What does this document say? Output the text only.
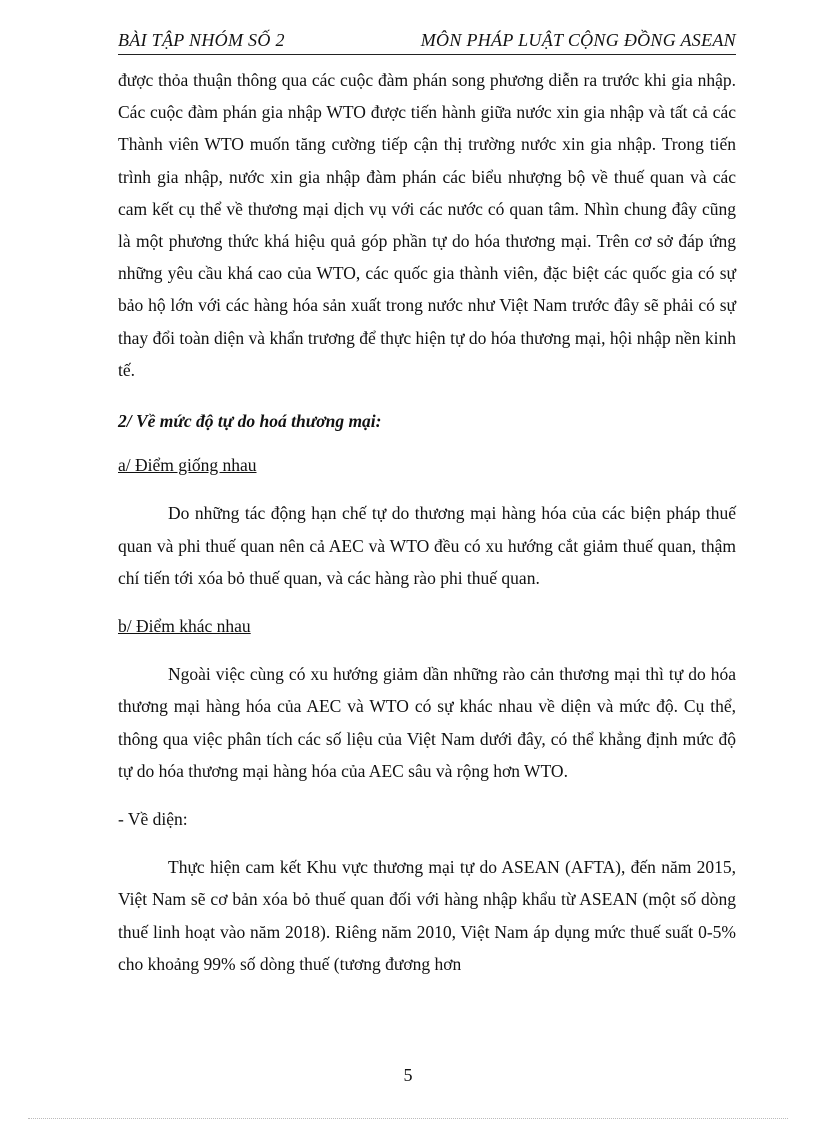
BÀI TẬP NHÓM SỐ 2	MÔN PHÁP LUẬT CỘNG ĐỒNG ASEAN

được thỏa thuận thông qua các cuộc đàm phán song phương diễn ra trước khi gia nhập. Các cuộc đàm phán gia nhập WTO được tiến hành giữa nước xin gia nhập và tất cả các Thành viên WTO muốn tăng cường tiếp cận thị trường nước xin gia nhập. Trong tiến trình gia nhập, nước xin gia nhập đàm phán các biểu nhượng bộ về thuế quan và các cam kết cụ thể về thương mại dịch vụ với các nước có quan tâm. Nhìn chung đây cũng là một phương thức khá hiệu quả góp phần tự do hóa thương mại. Trên cơ sở đáp ứng những yêu cầu khá cao của WTO, các quốc gia thành viên, đặc biệt các quốc gia có sự bảo hộ lớn với các hàng hóa sản xuất trong nước như Việt Nam trước đây sẽ phải có sự thay đổi toàn diện và khẩn trương để thực hiện tự do hóa thương mại, hội nhập nền kinh tế.

2/ Về mức độ tự do hoá thương mại:

a/ Điểm giống nhau

Do những tác động hạn chế tự do thương mại hàng hóa của các biện pháp thuế quan và phi thuế quan nên cả AEC và WTO đều có xu hướng cắt giảm thuế quan, thậm chí tiến tới xóa bỏ thuế quan, và các hàng rào phi thuế quan.

b/ Điểm khác nhau

Ngoài việc cùng có xu hướng giảm dần những rào cản thương mại thì tự do hóa thương mại hàng hóa của AEC và WTO có sự khác nhau về diện và mức độ. Cụ thể, thông qua việc phân tích các số liệu của Việt Nam dưới đây, có thể khẳng định mức độ tự do hóa thương mại hàng hóa của AEC sâu và rộng hơn WTO.

- Về diện:

Thực hiện cam kết Khu vực thương mại tự do ASEAN (AFTA), đến năm 2015, Việt Nam sẽ cơ bản xóa bỏ thuế quan đối với hàng nhập khẩu từ ASEAN (một số dòng thuế linh hoạt vào năm 2018). Riêng năm 2010, Việt Nam áp dụng mức thuế suất 0-5% cho khoảng 99% số dòng thuế (tương đương hơn

5
